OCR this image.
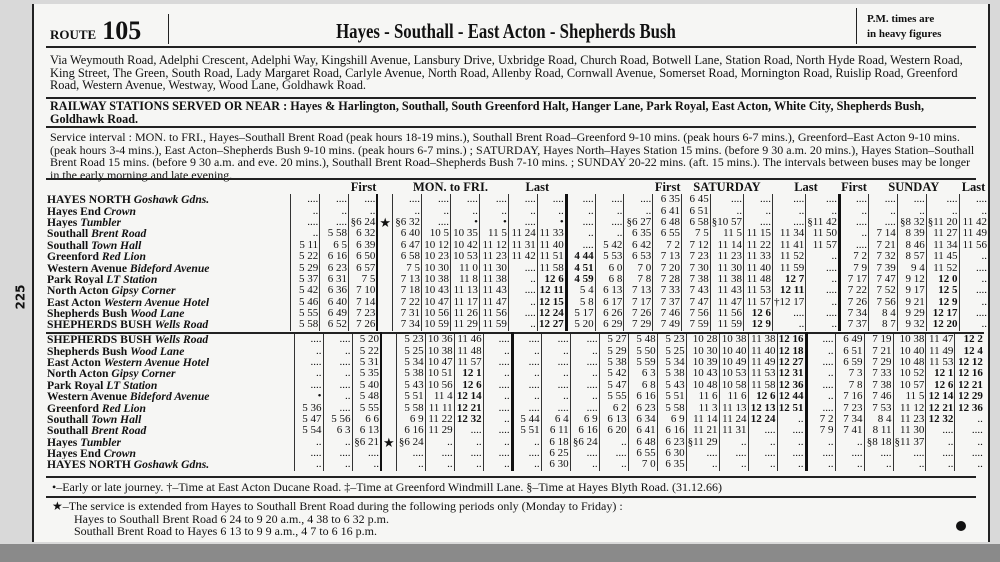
ROUTE 105	Hayes - Southall - East Acton - Shepherds Bush	P.M. times are
in heavy figures
Via Weymouth Road, Adelphi Crescent, Adelphi Way, Kingshill Avenue, Lansbury Drive, Uxbridge Road, Church Road, Botwell Lane, Station Road, North Hyde Road, Western Road, King Street, The Green, South Road, Lady Margaret Road, Carlyle Avenue, North Road, Allenby Road, Cornwall Avenue, Somerset Road, Mornington Road, Ruislip Road, Greenford Road, Western Avenue, Westway, Wood Lane, Goldhawk Road.
RAILWAY STATIONS SERVED OR NEAR : Hayes & Harlington, Southall, South Greenford Halt, Hanger Lane, Park Royal, East Acton, White City, Shepherds Bush, Goldhawk Road.
Service interval : MON. to FRI., Hayes–Southall Brent Road (peak hours 18-19 mins.), Southall Brent Road–Greenford 9-10 mins. (peak hours 6-7 mins.), Greenford–East Acton 9-10 mins. (peak hours 3-4 mins.), East Acton–Shepherds Bush 9-10 mins. (peak hours 6-7 mins.) ; SATURDAY, Hayes North–Hayes Station 15 mins. (before 9 30 a.m. 20 mins.), Hayes Station–Southall Brent Road 15 mins. (before 9 30 a.m. and eve. 20 mins.), Southall Brent Road–Shepherds Bush 7-10 mins. ; SUNDAY 20-22 mins. (aft. 15 mins.). The intervals between buses may be longer in the early morning and late evening.
	First				MON. to FRI.				Last				First		SATURDAY			Last		First	SUNDAY			Last
HAYES NORTH Goshawk Gdns.	....	....	....		....	....	....	....	....	....	....	....	....	6 35	6 45	....	....	....	....	....	....	....	....	....
Hayes End Crown	..	..	..		..	..	..	..	..	..	..	..	..	6 41	6 51	..	..	..	..	..	..	..	..	..
Hayes Tumbler	....	....	§6 24	★	§6 32	....	•	•	....	•	....	....	§6 27	6 48	6 58	§10 57	....	....	§11 42	....	....	§8 32	§11 20	11 42
Southall Brent Road	..	5 58	6 32		6 40	10 5	10 35	11 5	11 24	11 33	..	..	6 35	6 55	7 5	11 5	11 15	11 34	11 50	..	7 14	8 39	11 27	11 49
Southall Town Hall	5 11	6 5	6 39		6 47	10 12	10 42	11 12	11 31	11 40	....	5 42	6 42	7 2	7 12	11 14	11 22	11 41	11 57	....	7 21	8 46	11 34	11 56
Greenford Red Lion	5 22	6 16	6 50		6 58	10 23	10 53	11 23	11 42	11 51	4 44	5 53	6 53	7 13	7 23	11 23	11 33	11 52	..	7 2	7 32	8 57	11 45	..
Western Avenue Bideford Avenue	5 29	6 23	6 57		7 5	10 30	11 0	11 30	....	11 58	4 51	6 0	7 0	7 20	7 30	11 30	11 40	11 59	....	7 9	7 39	9 4	11 52	....
Park Royal LT Station	5 37	6 31	7 5		7 13	10 38	11 8	11 38	..	12 6	4 59	6 8	7 8	7 28	7 38	11 38	11 48	12 7	..	7 17	7 47	9 12	12 0	..
North Acton Gipsy Corner	5 42	6 36	7 10		7 18	10 43	11 13	11 43	....	12 11	5 4	6 13	7 13	7 33	7 43	11 43	11 53	12 11	....	7 22	7 52	9 17	12 5	....
East Acton Western Avenue Hotel	5 46	6 40	7 14		7 22	10 47	11 17	11 47	..	12 15	5 8	6 17	7 17	7 37	7 47	11 47	11 57	†12 17	..	7 26	7 56	9 21	12 9	..
Shepherds Bush Wood Lane	5 55	6 49	7 23		7 31	10 56	11 26	11 56	....	12 24	5 17	6 26	7 26	7 46	7 56	11 56	12 6	....	....	7 34	8 4	9 29	12 17	....
SHEPHERDS BUSH Wells Road	5 58	6 52	7 26		7 34	10 59	11 29	11 59	..	12 27	5 20	6 29	7 29	7 49	7 59	11 59	12 9	..	..	7 37	8 7	9 32	12 20	..
SHEPHERDS BUSH Wells Road	....	....	5 20		5 23	10 36	11 46	....	....	....	....	5 27	5 48	5 23	10 28	10 38	11 38	12 16	....	6 49	7 19	10 38	11 47	12 2
Shepherds Bush Wood Lane	..	..	5 22		5 25	10 38	11 48	..	..	..	..	5 29	5 50	5 25	10 30	10 40	11 40	12 18	..	6 51	7 21	10 40	11 49	12 4
East Acton Western Avenue Hotel	....	....	5 31		5 34	10 47	11 57	....	....	....	....	5 38	5 59	5 34	10 39	10 49	11 49	12 27	....	6 59	7 29	10 48	11 53	12 12
North Acton Gipsy Corner	..	..	5 35		5 38	10 51	12 1	..	..	..	..	5 42	6 3	5 38	10 43	10 53	11 53	12 31	..	7 3	7 33	10 52	12 1	12 16
Park Royal LT Station	....	....	5 40		5 43	10 56	12 6	....	....	....	....	5 47	6 8	5 43	10 48	10 58	11 58	12 36	....	7 8	7 38	10 57	12 6	12 21
Western Avenue Bideford Avenue	•	..	5 48		5 51	11 4	12 14	..	..	..	..	5 55	6 16	5 51	11 6	11 6	12 6	12 44	..	7 16	7 46	11 5	12 14	12 29
Greenford Red Lion	5 36	....	5 55		5 58	11 11	12 21	....	....	....	....	6 2	6 23	5 58	11 3	11 13	12 13	12 51	....	7 23	7 53	11 12	12 21	12 36
Southall Town Hall	5 47	5 56	6 6		6 9	11 22	12 32	..	5 44	6 4	6 9	6 13	6 34	6 9	11 14	11 24	12 24	..	7 2	7 34	8 4	11 23	12 32	..
Southall Brent Road	5 54	6 3	6 13		6 16	11 29	....	....	5 51	6 11	6 16	6 20	6 41	6 16	11 21	11 31	....	....	7 9	7 41	8 11	11 30	....	....
Hayes Tumbler	..	..	§6 21	★	§6 24	..	..	..	..	6 18	§6 24	..	6 48	6 23	§11 29	..	..	..	..	..	§8 18	§11 37	..	..
Hayes End Crown	....	....	....		....	....	....	....	....	6 25	....	....	6 55	6 30	....	....	....	....	....	....	....	....	....	....
HAYES NORTH Goshawk Gdns.	..	..	..		..	..	..	..	..	6 30	..	..	7 0	6 35	..	..	..	..	..	..	..	..	..	..
•–Early or late journey. †–Time at East Acton Ducane Road. ‡–Time at Greenford Windmill Lane. §–Time at Hayes Blyth Road. (31.12.66)
★–The service is extended from Hayes to Southall Brent Road during the following periods only (Monday to Friday) :
Hayes to Southall Brent Road 6 24 to 9 20 a.m., 4 38 to 6 32 p.m.
Southall Brent Road to Hayes 6 13 to 9 9 a.m., 4 7 to 6 16 p.m.
225
